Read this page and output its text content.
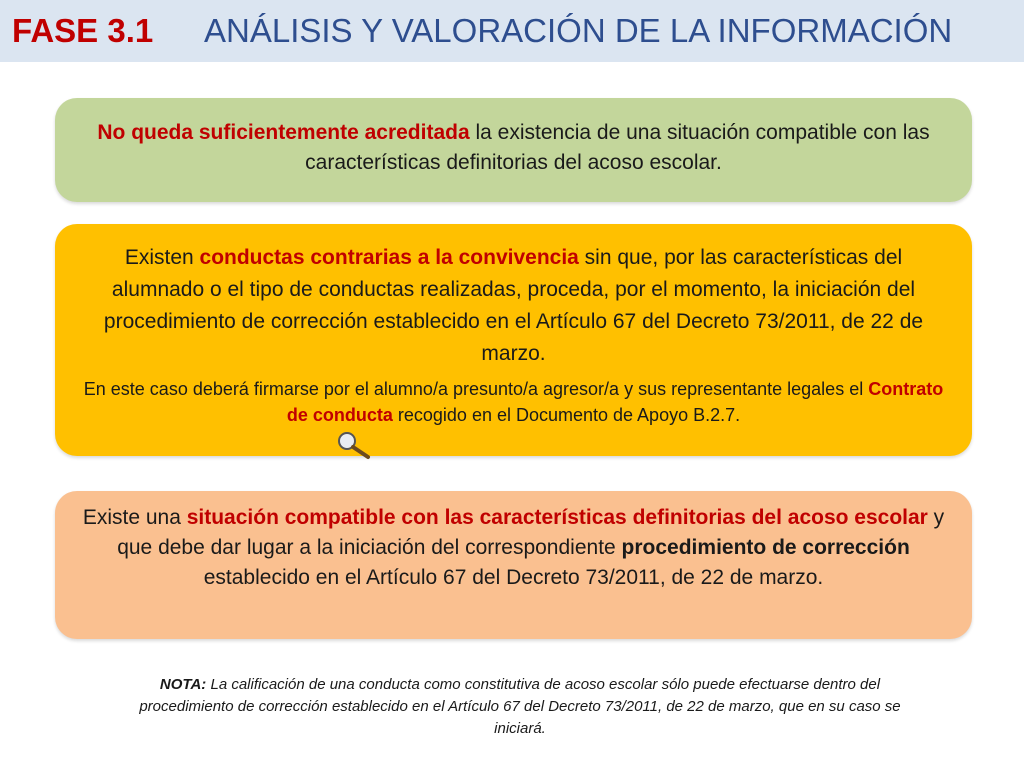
FASE 3.1 ANÁLISIS Y VALORACIÓN DE LA INFORMACIÓN
No queda suficientemente acreditada la existencia de una situación compatible con las características definitorias del acoso escolar.
Existen conductas contrarias a la convivencia sin que, por las características del alumnado o el tipo de conductas realizadas, proceda, por el momento, la iniciación del procedimiento de corrección establecido en el Artículo 67 del Decreto 73/2011, de 22 de marzo.
En este caso deberá firmarse por el alumno/a presunto/a agresor/a y sus representante legales el Contrato de conducta recogido en el Documento de Apoyo B.2.7.
Existe una situación compatible con las características definitorias del acoso escolar y que debe dar lugar a la iniciación del correspondiente procedimiento de corrección establecido en el Artículo 67 del Decreto 73/2011, de 22 de marzo.
NOTA: La calificación de una conducta como constitutiva de acoso escolar sólo puede efectuarse dentro del procedimiento de corrección establecido en el Artículo 67 del Decreto 73/2011, de 22 de marzo, que en su caso se iniciará.
